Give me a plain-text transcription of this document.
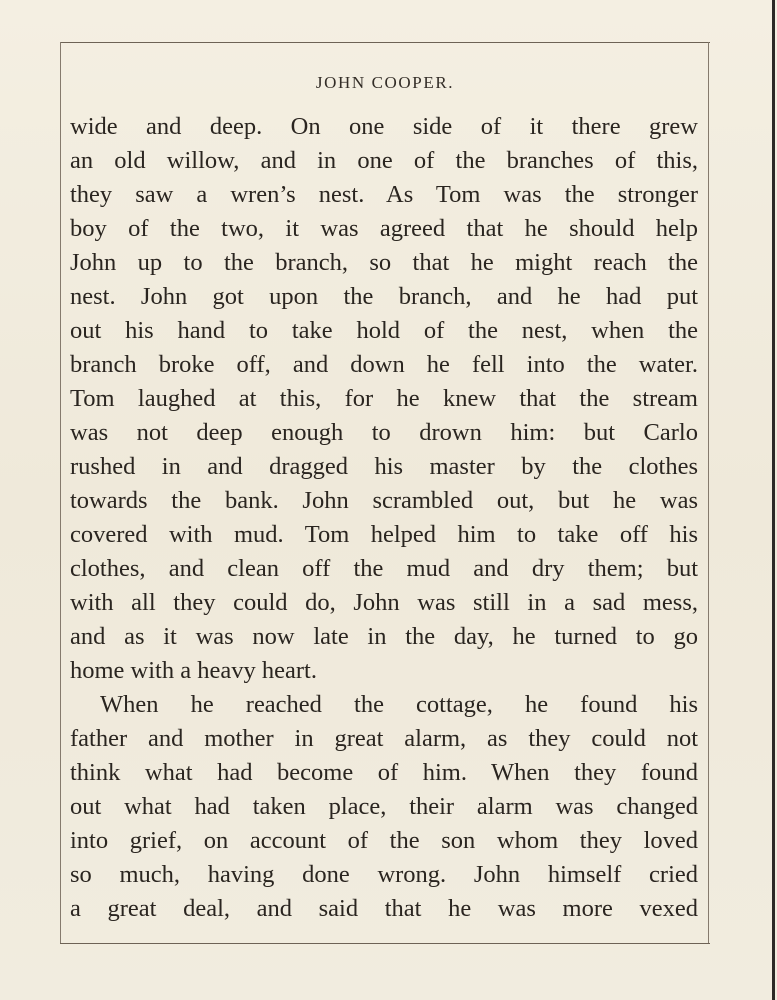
JOHN COOPER.
wide and deep. On one side of it there grew
an old willow, and in one of the branches of this,
they saw a wren’s nest. As Tom was the stronger
boy of the two, it was agreed that he should help
John up to the branch, so that he might reach the
nest. John got upon the branch, and he had put
out his hand to take hold of the nest, when the
branch broke off, and down he fell into the water.
Tom laughed at this, for he knew that the stream
was not deep enough to drown him: but Carlo
rushed in and dragged his master by the clothes
towards the bank. John scrambled out, but he was
covered with mud. Tom helped him to take off his
clothes, and clean off the mud and dry them; but
with all they could do, John was still in a sad mess,
and as it was now late in the day, he turned to go
home with a heavy heart.
When he reached the cottage, he found his
father and mother in great alarm, as they could not
think what had become of him. When they found
out what had taken place, their alarm was changed
into grief, on account of the son whom they loved
so much, having done wrong. John himself cried
a great deal, and said that he was more vexed
